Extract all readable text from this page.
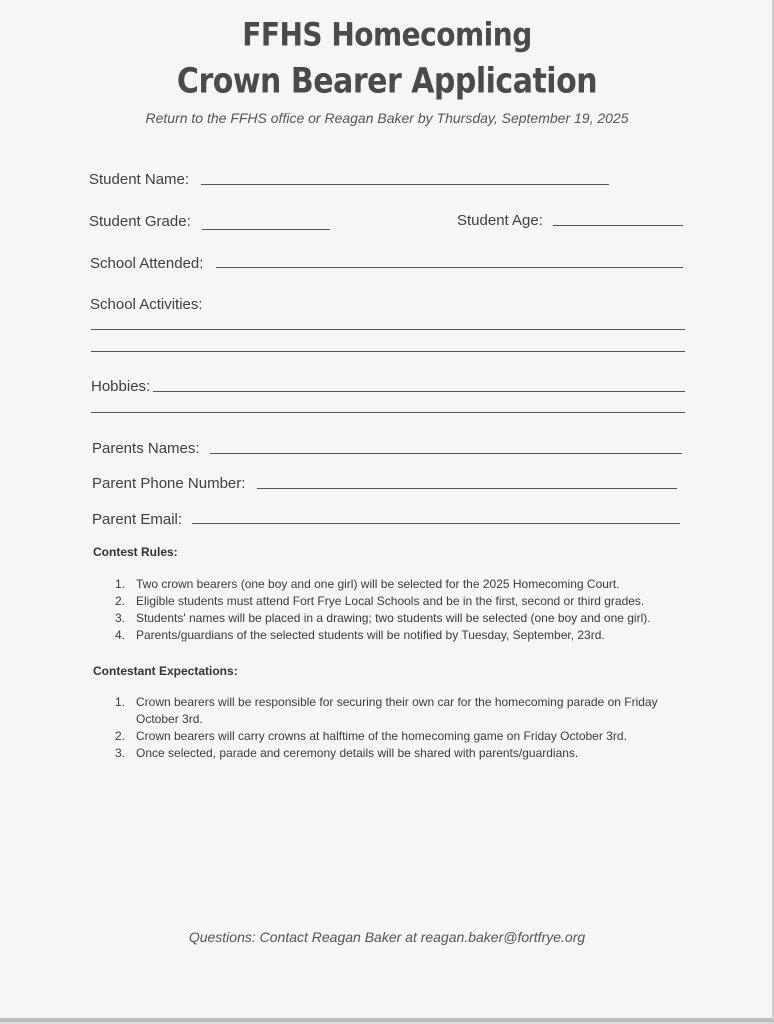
FFHS Homecoming
Crown Bearer Application
Return to the FFHS office or Reagan Baker by Thursday, September 19, 2025
Student Name:
Student Grade:	Student Age:
School Attended:
School Activities:
Hobbies:
Parents Names:
Parent Phone Number:
Parent Email:
Contest Rules:
1. Two crown bearers (one boy and one girl) will be selected for the 2025 Homecoming Court.
2. Eligible students must attend Fort Frye Local Schools and be in the first, second or third grades.
3. Students' names will be placed in a drawing; two students will be selected (one boy and one girl).
4. Parents/guardians of the selected students will be notified by Tuesday, September, 23rd.
Contestant Expectations:
1. Crown bearers will be responsible for securing their own car for the homecoming parade on Friday October 3rd.
2. Crown bearers will carry crowns at halftime of the homecoming game on Friday October 3rd.
3. Once selected, parade and ceremony details will be shared with parents/guardians.
Questions: Contact Reagan Baker at reagan.baker@fortfrye.org
